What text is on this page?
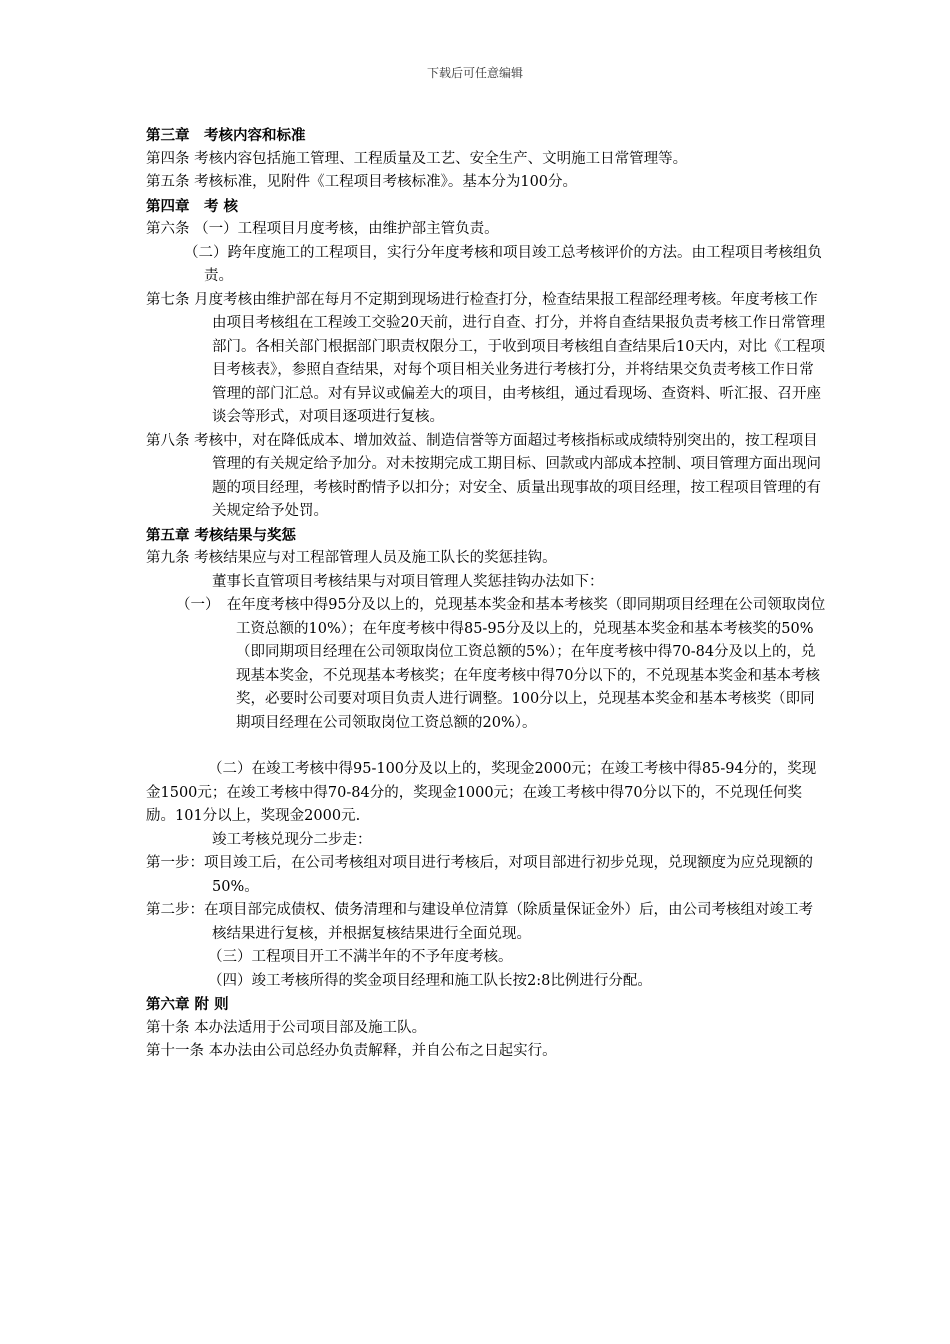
下载后可任意编辑
第三章　考核内容和标准
第四条 考核内容包括施工管理、工程质量及工艺、安全生产、文明施工日常管理等。
第五条 考核标准，见附件《工程项目考核标准》。基本分为100分。
第四章　考 核
第六条 （一）工程项目月度考核，由维护部主管负责。
（二）跨年度施工的工程项目，实行分年度考核和项目竣工总考核评价的方法。由工程项目考核组负责。
第七条 月度考核由维护部在每月不定期到现场进行检查打分，检查结果报工程部经理考核。年度考核工作由项目考核组在工程竣工交验20天前，进行自查、打分，并将自查结果报负责考核工作日常管理部门。各相关部门根据部门职责权限分工，于收到项目考核组自查结果后10天内，对比《工程项目考核表》，参照自查结果，对每个项目相关业务进行考核打分，并将结果交负责考核工作日常管理的部门汇总。对有异议或偏差大的项目，由考核组，通过看现场、查资料、听汇报、召开座谈会等形式，对项目逐项进行复核。
第八条 考核中，对在降低成本、增加效益、制造信誉等方面超过考核指标或成绩特别突出的，按工程项目管理的有关规定给予加分。对未按期完成工期目标、回款或内部成本控制、项目管理方面出现问题的项目经理，考核时酌情予以扣分；对安全、质量出现事故的项目经理，按工程项目管理的有关规定给予处罚。
第五章 考核结果与奖惩
第九条 考核结果应与对工程部管理人员及施工队长的奖惩挂钩。
董事长直管项目考核结果与对项目管理人奖惩挂钩办法如下：
（一）　在年度考核中得95分及以上的，兑现基本奖金和基本考核奖（即同期项目经理在公司领取岗位工资总额的10%）；在年度考核中得85-95分及以上的，兑现基本奖金和基本考核奖的50%（即同期项目经理在公司领取岗位工资总额的5%）；在年度考核中得70-84分及以上的，兑现基本奖金，不兑现基本考核奖；在年度考核中得70分以下的，不兑现基本奖金和基本考核奖，必要时公司要对项目负责人进行调整。100分以上，兑现基本奖金和基本考核奖（即同期项目经理在公司领取岗位工资总额的20%）。
（二）在竣工考核中得95-100分及以上的，奖现金2000元；在竣工考核中得85-94分的，奖现金1500元；在竣工考核中得70-84分的，奖现金1000元；在竣工考核中得70分以下的，不兑现任何奖励。101分以上，奖现金2000元.
竣工考核兑现分二步走：
第一步：项目竣工后，在公司考核组对项目进行考核后，对项目部进行初步兑现，兑现额度为应兑现额的50%。
第二步：在项目部完成债权、债务清理和与建设单位清算（除质量保证金外）后，由公司考核组对竣工考核结果进行复核，并根据复核结果进行全面兑现。
（三）工程项目开工不满半年的不予年度考核。
（四）竣工考核所得的奖金项目经理和施工队长按2:8比例进行分配。
第六章 附 则
第十条 本办法适用于公司项目部及施工队。
第十一条 本办法由公司总经办负责解释，并自公布之日起实行。
